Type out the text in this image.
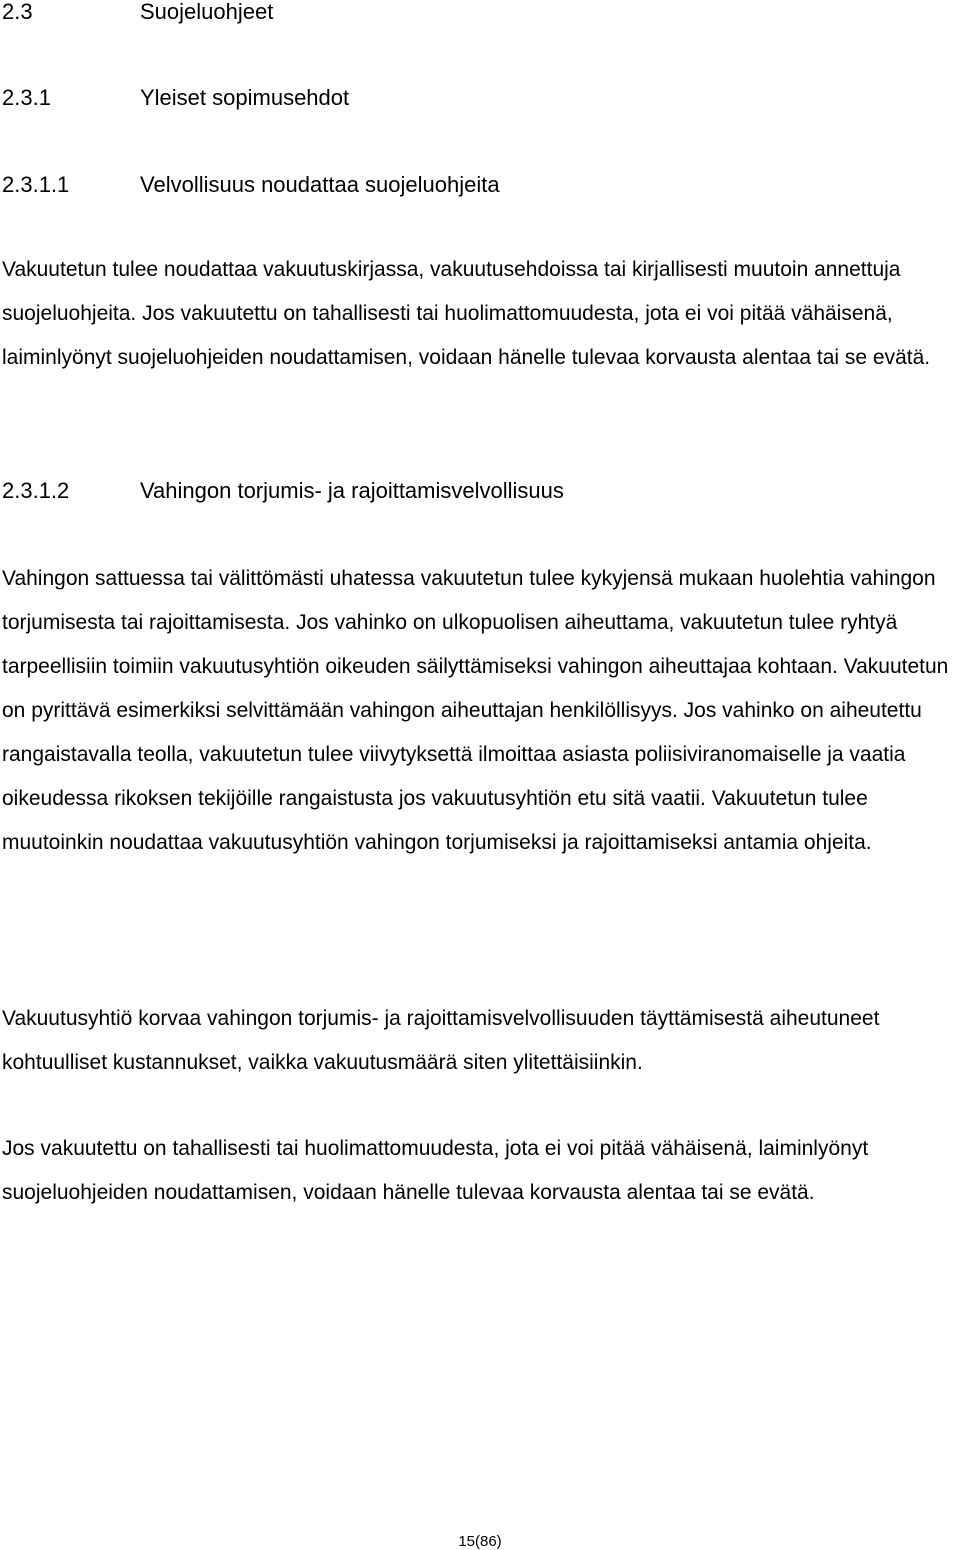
2.3	Suojeluohjeet
2.3.1	Yleiset sopimusehdot
2.3.1.1	Velvollisuus noudattaa suojeluohjeita

Vakuutetun tulee noudattaa vakuutuskirjassa, vakuutusehdoissa tai kirjallisesti muutoin annettuja suojeluohjeita. Jos vakuutettu on tahallisesti tai huolimattomuudesta, jota ei voi pitää vähäisenä, laiminlyönyt suojeluohjeiden noudattamisen, voidaan hänelle tulevaa korvausta alentaa tai se evätä.

2.3.1.2	Vahingon torjumis- ja rajoittamisvelvollisuus

Vahingon sattuessa tai välittömästi uhatessa vakuutetun tulee kykyjensä mukaan huolehtia vahingon torjumisesta tai rajoittamisesta. Jos vahinko on ulkopuolisen aiheuttama, vakuutetun tulee ryhtyä tarpeellisiin toimiin vakuutusyhtiön oikeuden säilyttämiseksi vahingon aiheuttajaa kohtaan. Vakuutetun on pyrittävä esimerkiksi selvittämään vahingon aiheuttajan henkilöllisyys. Jos vahinko on aiheutettu rangaistavalla teolla, vakuutetun tulee viivytyksettä ilmoittaa asiasta poliisiviranomaiselle ja vaatia oikeudessa rikoksen tekijöille rangaistusta jos vakuutusyhtiön etu sitä vaatii. Vakuutetun tulee muutoinkin noudattaa vakuutusyhtiön vahingon torjumiseksi ja rajoittamiseksi antamia ohjeita.

Vakuutusyhtiö korvaa vahingon torjumis- ja rajoittamisvelvollisuuden täyttämisestä aiheutuneet kohtuulliset kustannukset, vaikka vakuutusmäärä siten ylitettäisiinkin.

Jos vakuutettu on tahallisesti tai huolimattomuudesta, jota ei voi pitää vähäisenä, laiminlyönyt suojeluohjeiden noudattamisen, voidaan hänelle tulevaa korvausta alentaa tai se evätä.

15(86)
